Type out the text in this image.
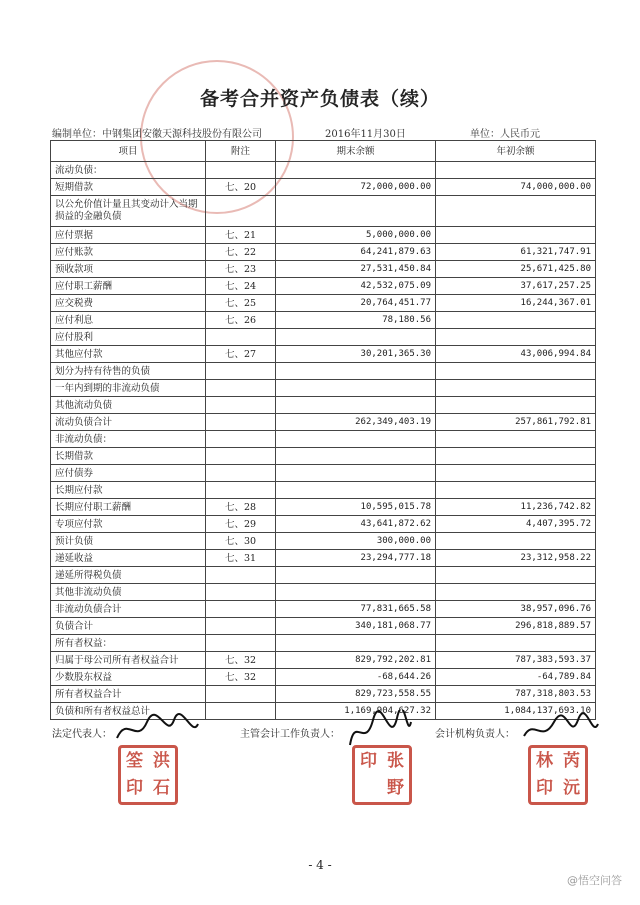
备考合并资产负债表（续）
编制单位：中钢集团安徽天源科技股份有限公司	2016年11月30日	单位：人民币元
项目	附注	期末余额	年初余额
流动负债：			
短期借款	七、20	72,000,000.00	74,000,000.00
以公允价值计量且其变动计入当期损益的金融负债			
应付票据	七、21	5,000,000.00	
应付账款	七、22	64,241,879.63	61,321,747.91
预收款项	七、23	27,531,450.84	25,671,425.80
应付职工薪酬	七、24	42,532,075.09	37,617,257.25
应交税费	七、25	20,764,451.77	16,244,367.01
应付利息	七、26	78,180.56	
应付股利			
其他应付款	七、27	30,201,365.30	43,006,994.84
划分为持有待售的负债			
一年内到期的非流动负债			
其他流动负债			
流动负债合计		262,349,403.19	257,861,792.81
非流动负债：			
长期借款			
应付债券			
长期应付款			
长期应付职工薪酬	七、28	10,595,015.78	11,236,742.82
专项应付款	七、29	43,641,872.62	4,407,395.72
预计负债	七、30	300,000.00	
递延收益	七、31	23,294,777.18	23,312,958.22
递延所得税负债			
其他非流动负债			
非流动负债合计		77,831,665.58	38,957,096.76
负债合计		340,181,068.77	296,818,889.57
所有者权益：			
归属于母公司所有者权益合计	七、32	829,792,202.81	787,383,593.37
少数股东权益	七、32	-68,644.26	-64,789.84
所有者权益合计		829,723,558.55	787,318,803.53
负债和所有者权益总计		1,169,904,627.32	1,084,137,693.10
法定代表人：	主管会计工作负责人：	会计机构负责人：
筌 洪
印 石
印 张
野
林 芮
印 沅
- 4 -
@悟空问答
